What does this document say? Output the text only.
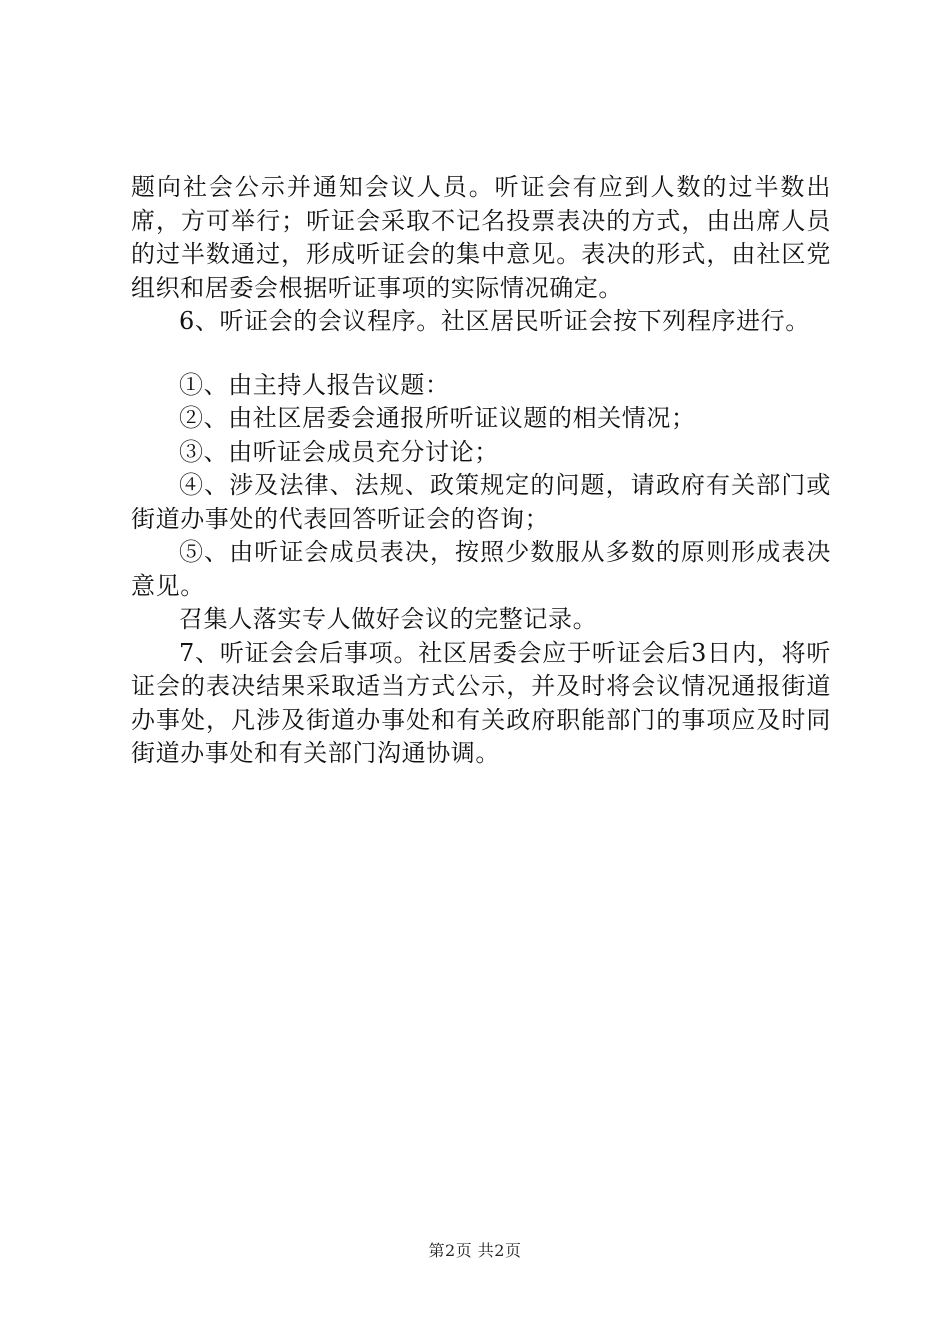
题向社会公示并通知会议人员。听证会有应到人数的过半数出席，方可举行；听证会采取不记名投票表决的方式，由出席人员的过半数通过，形成听证会的集中意见。表决的形式，由社区党组织和居委会根据听证事项的实际情况确定。

6、听证会的会议程序。社区居民听证会按下列程序进行。

①、由主持人报告议题：

②、由社区居委会通报所听证议题的相关情况；

③、由听证会成员充分讨论；

④、涉及法律、法规、政策规定的问题，请政府有关部门或街道办事处的代表回答听证会的咨询；

⑤、由听证会成员表决，按照少数服从多数的原则形成表决意见。

召集人落实专人做好会议的完整记录。

7、听证会会后事项。社区居委会应于听证会后3日内，将听证会的表决结果采取适当方式公示，并及时将会议情况通报街道办事处，凡涉及街道办事处和有关政府职能部门的事项应及时同街道办事处和有关部门沟通协调。

第2页 共2页
